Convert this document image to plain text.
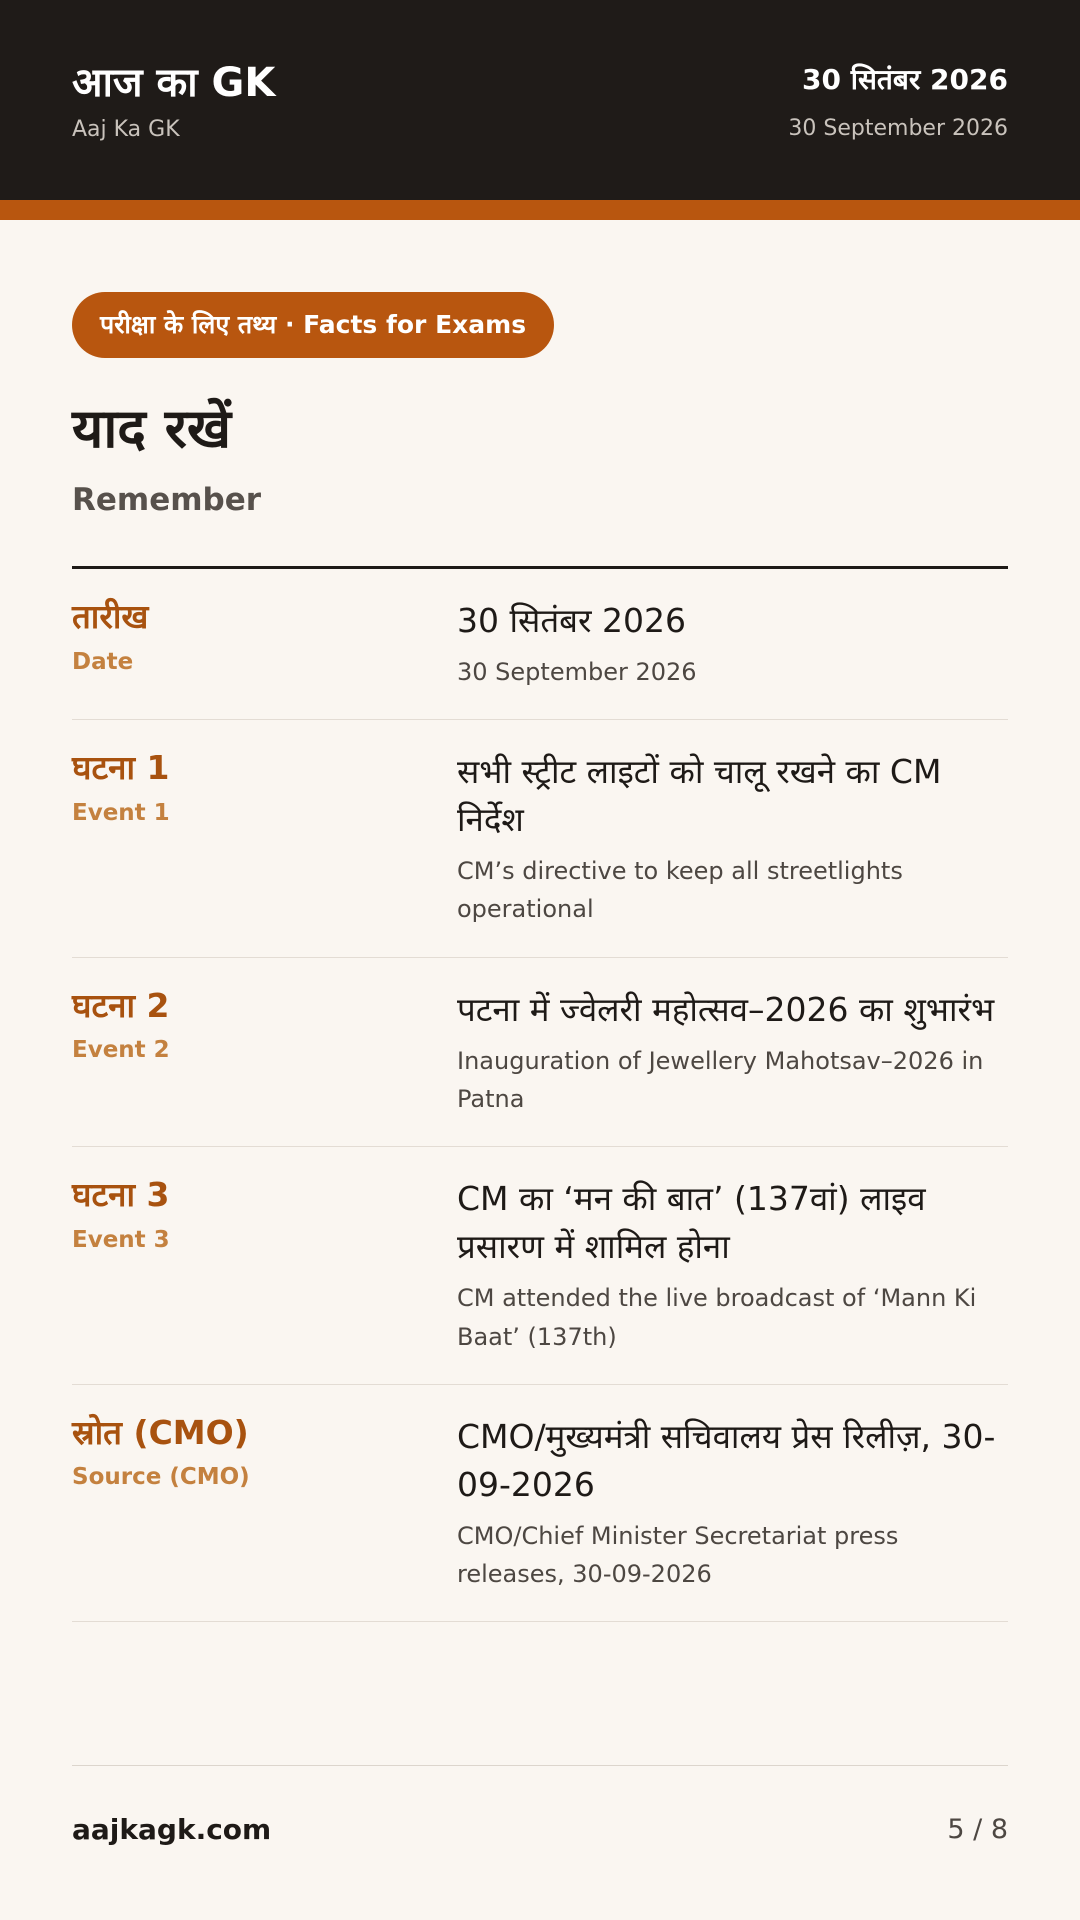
आज का GK
Aaj Ka GK
30 सितंबर 2026
30 September 2026
परीक्षा के लिए तथ्य · Facts for Exams
याद रखें
Remember
तारीख
Date
30 सितंबर 2026
30 September 2026
घटना 1
Event 1
सभी स्ट्रीट लाइटों को चालू रखने का CM निर्देश
CM’s directive to keep all streetlights operational
घटना 2
Event 2
पटना में ज्वेलरी महोत्सव–2026 का शुभारंभ
Inauguration of Jewellery Mahotsav–2026 in Patna
घटना 3
Event 3
CM का ‘मन की बात’ (137वां) लाइव प्रसारण में शामिल होना
CM attended the live broadcast of ‘Mann Ki Baat’ (137th)
स्रोत (CMO)
Source (CMO)
CMO/मुख्यमंत्री सचिवालय प्रेस रिलीज़, 30-09-2026
CMO/Chief Minister Secretariat press releases, 30-09-2026
aajkagk.com	5 / 8
